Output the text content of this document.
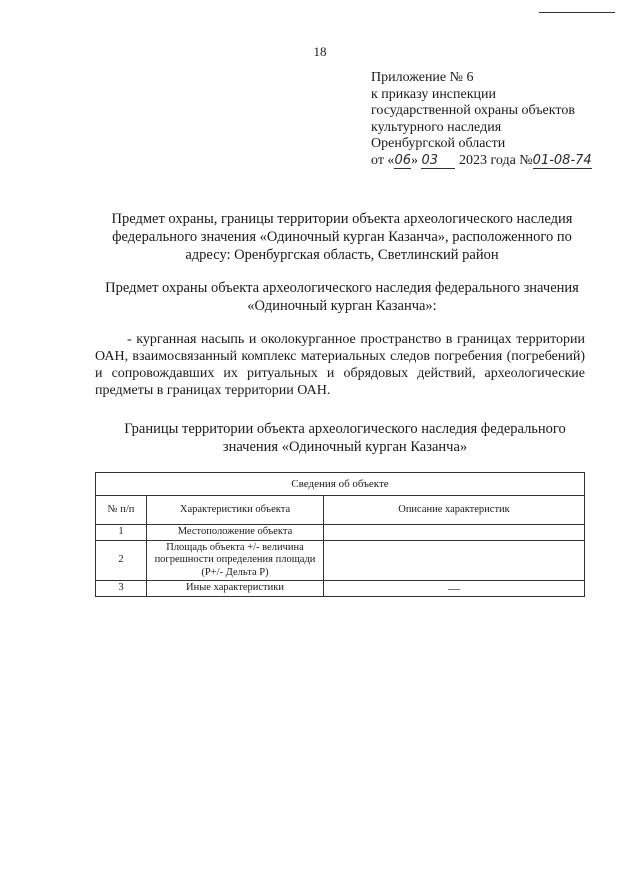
18
Приложение № 6
к приказу инспекции
государственной охраны объектов
культурного наследия
Оренбургской области
от «06» 03 2023 года №01-08-74
Предмет охраны, границы территории объекта археологического наследия федерального значения «Одиночный курган Казанча», расположенного по адресу: Оренбургская область, Светлинский район
Предмет охраны объекта археологического наследия федерального значения «Одиночный курган Казанча»:
- курганная насыпь и околокурганное пространство в границах территории ОАН, взаимосвязанный комплекс материальных следов погребения (погребений) и сопровождавших их ритуальных и обрядовых действий, археологические предметы в границах территории ОАН.
Границы территории объекта археологического наследия федерального значения «Одиночный курган Казанча»
Сведения об объекте		
№ п/п	Характеристики объекта	Описание характеристик
1	Местоположение объекта	
2	Площадь объекта +/- величина погрешности определения площади (Р+/- Дельта Р)	
3	Иные характеристики	—
